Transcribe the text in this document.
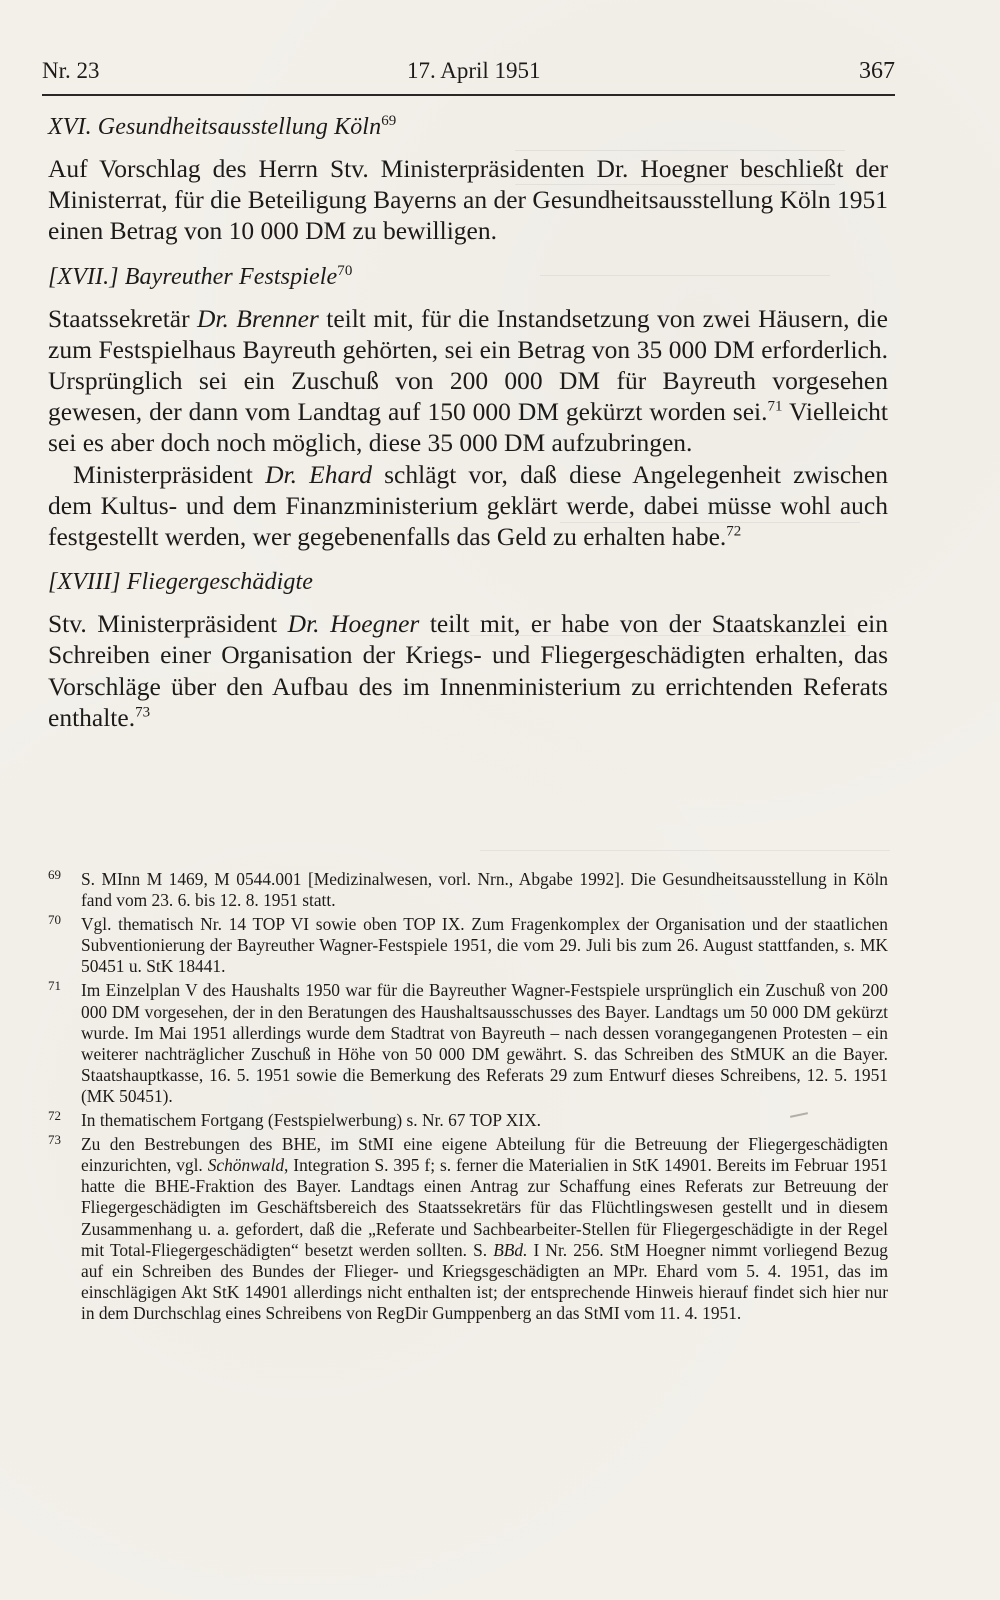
Nr. 23	17. April 1951	367
XVI. Gesundheitsausstellung Köln$^{69}$

Auf Vorschlag des Herrn Stv. Ministerpräsidenten Dr. Hoegner beschließt der Ministerrat, für die Beteiligung Bayerns an der Gesundheitsausstellung Köln 1951 einen Betrag von 10 000 DM zu bewilligen.

[XVII.] Bayreuther Festspiele$^{70}$

Staatssekretär Dr. Brenner teilt mit, für die Instandsetzung von zwei Häusern, die zum Festspielhaus Bayreuth gehörten, sei ein Betrag von 35 000 DM erforderlich. Ursprünglich sei ein Zuschuß von 200 000 DM für Bayreuth vorgesehen gewesen, der dann vom Landtag auf 150 000 DM gekürzt worden sei.$^{71}$ Vielleicht sei es aber doch noch möglich, diese 35 000 DM aufzubringen.

Ministerpräsident Dr. Ehard schlägt vor, daß diese Angelegenheit zwischen dem Kultus- und dem Finanzministerium geklärt werde, dabei müsse wohl auch festgestellt werden, wer gegebenenfalls das Geld zu erhalten habe.$^{72}$

[XVIII] Fliegergeschädigte

Stv. Ministerpräsident Dr. Hoegner teilt mit, er habe von der Staatskanzlei ein Schreiben einer Organisation der Kriegs- und Fliegergeschädigten erhalten, das Vorschläge über den Aufbau des im Innenministerium zu errichtenden Referats enthalte.$^{73}$

69 S. MInn M 1469, M 0544.001 [Medizinalwesen, vorl. Nrn., Abgabe 1992]. Die Gesundheitsausstellung in Köln fand vom 23. 6. bis 12. 8. 1951 statt.

70 Vgl. thematisch Nr. 14 TOP VI sowie oben TOP IX. Zum Fragenkomplex der Organisation und der staatlichen Subventionierung der Bayreuther Wagner-Festspiele 1951, die vom 29. Juli bis zum 26. August stattfanden, s. MK 50451 u. StK 18441.

71 Im Einzelplan V des Haushalts 1950 war für die Bayreuther Wagner-Festspiele ursprünglich ein Zuschuß von 200 000 DM vorgesehen, der in den Beratungen des Haushaltsausschusses des Bayer. Landtags um 50 000 DM gekürzt wurde. Im Mai 1951 allerdings wurde dem Stadtrat von Bayreuth – nach dessen vorangegangenen Protesten – ein weiterer nachträglicher Zuschuß in Höhe von 50 000 DM gewährt. S. das Schreiben des StMUK an die Bayer. Staatshauptkasse, 16. 5. 1951 sowie die Bemerkung des Referats 29 zum Entwurf dieses Schreibens, 12. 5. 1951 (MK 50451).

72 In thematischem Fortgang (Festspielwerbung) s. Nr. 67 TOP XIX.

73 Zu den Bestrebungen des BHE, im StMI eine eigene Abteilung für die Betreuung der Fliegergeschädigten einzurichten, vgl. Schönwald, Integration S. 395 f; s. ferner die Materialien in StK 14901. Bereits im Februar 1951 hatte die BHE-Fraktion des Bayer. Landtags einen Antrag zur Schaffung eines Referats zur Betreuung der Fliegergeschädigten im Geschäftsbereich des Staatssekretärs für das Flüchtlingswesen gestellt und in diesem Zusammenhang u. a. gefordert, daß die „Referate und Sachbearbeiter-Stellen für Fliegergeschädigte in der Regel mit Total-Fliegergeschädigten“ besetzt werden sollten. S. BBd. I Nr. 256. StM Hoegner nimmt vorliegend Bezug auf ein Schreiben des Bundes der Flieger- und Kriegsgeschädigten an MPr. Ehard vom 5. 4. 1951, das im einschlägigen Akt StK 14901 allerdings nicht enthalten ist; der entsprechende Hinweis hierauf findet sich hier nur in dem Durchschlag eines Schreibens von RegDir Gumppenberg an das StMI vom 11. 4. 1951.
